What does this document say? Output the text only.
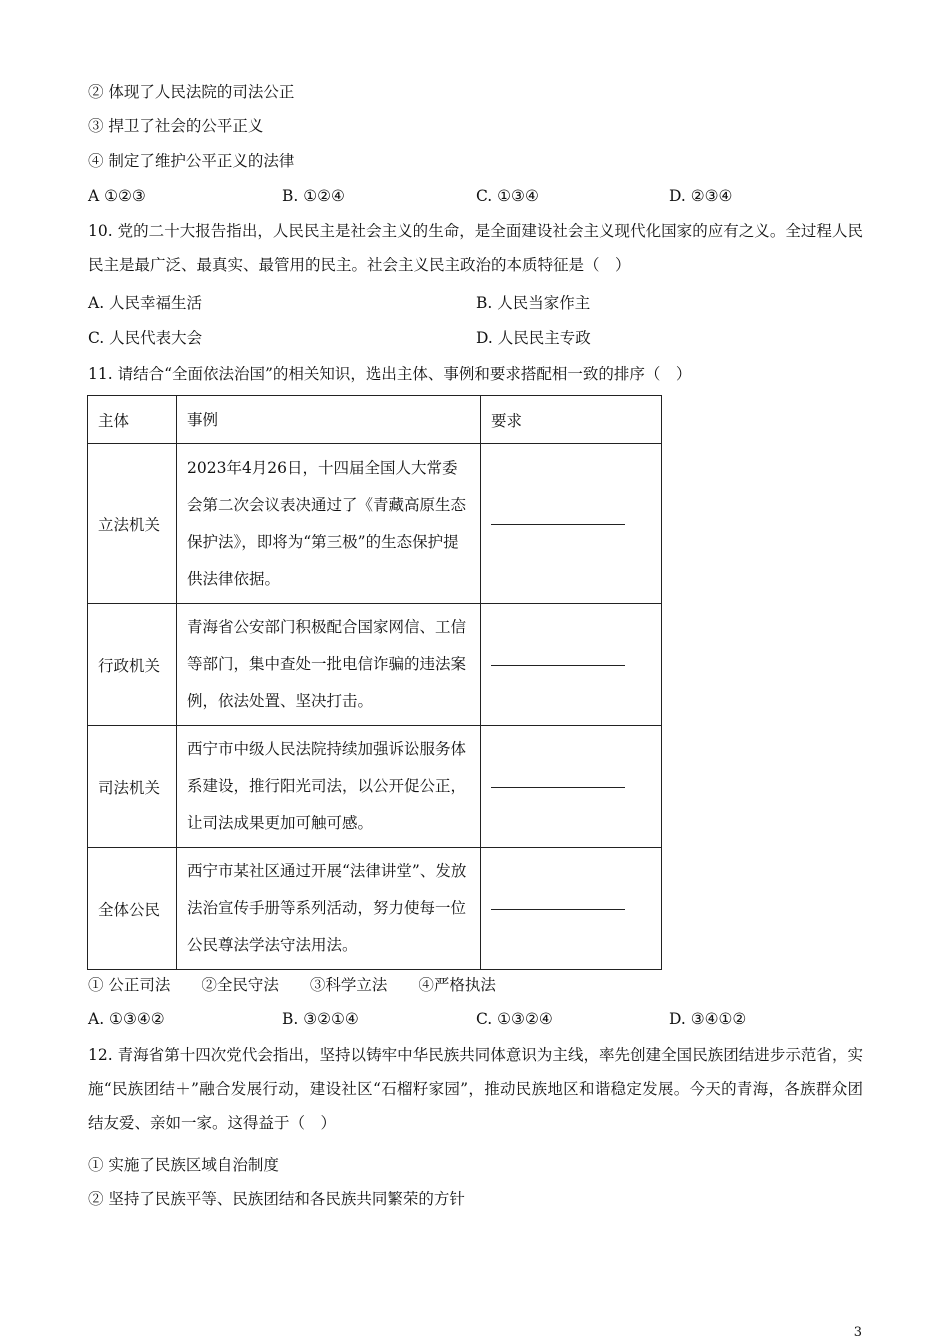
② 体现了人民法院的司法公正
③ 捍卫了社会的公平正义
④ 制定了维护公平正义的法律
A ①②③	B. ①②④	C. ①③④	D. ②③④
10. 党的二十大报告指出，人民民主是社会主义的生命，是全面建设社会主义现代化国家的应有之义。全过程人民民主是最广泛、最真实、最管用的民主。社会主义民主政治的本质特征是（　）
A. 人民幸福生活	B. 人民当家作主
C. 人民代表大会	D. 人民民主专政
11. 请结合“全面依法治国”的相关知识，选出主体、事例和要求搭配相一致的排序（　）
主体	事例	要求
立法机关	2023年4月26日，十四届全国人大常委会第二次会议表决通过了《青藏高原生态保护法》，即将为“第三极”的生态保护提供法律依据。	
行政机关	青海省公安部门积极配合国家网信、工信等部门，集中查处一批电信诈骗的违法案例，依法处置、坚决打击。	
司法机关	西宁市中级人民法院持续加强诉讼服务体系建设，推行阳光司法，以公开促公正，让司法成果更加可触可感。	
全体公民	西宁市某社区通过开展“法律讲堂”、发放法治宣传手册等系列活动，努力使每一位公民尊法学法守法用法。	
① 公正司法　　②全民守法　　③科学立法　　④严格执法
A. ①③④②	B. ③②①④	C. ①③②④	D. ③④①②
12. 青海省第十四次党代会指出，坚持以铸牢中华民族共同体意识为主线，率先创建全国民族团结进步示范省，实施“民族团结＋”融合发展行动，建设社区“石榴籽家园”，推动民族地区和谐稳定发展。今天的青海，各族群众团结友爱、亲如一家。这得益于（　）
① 实施了民族区域自治制度
② 坚持了民族平等、民族团结和各民族共同繁荣的方针
3
